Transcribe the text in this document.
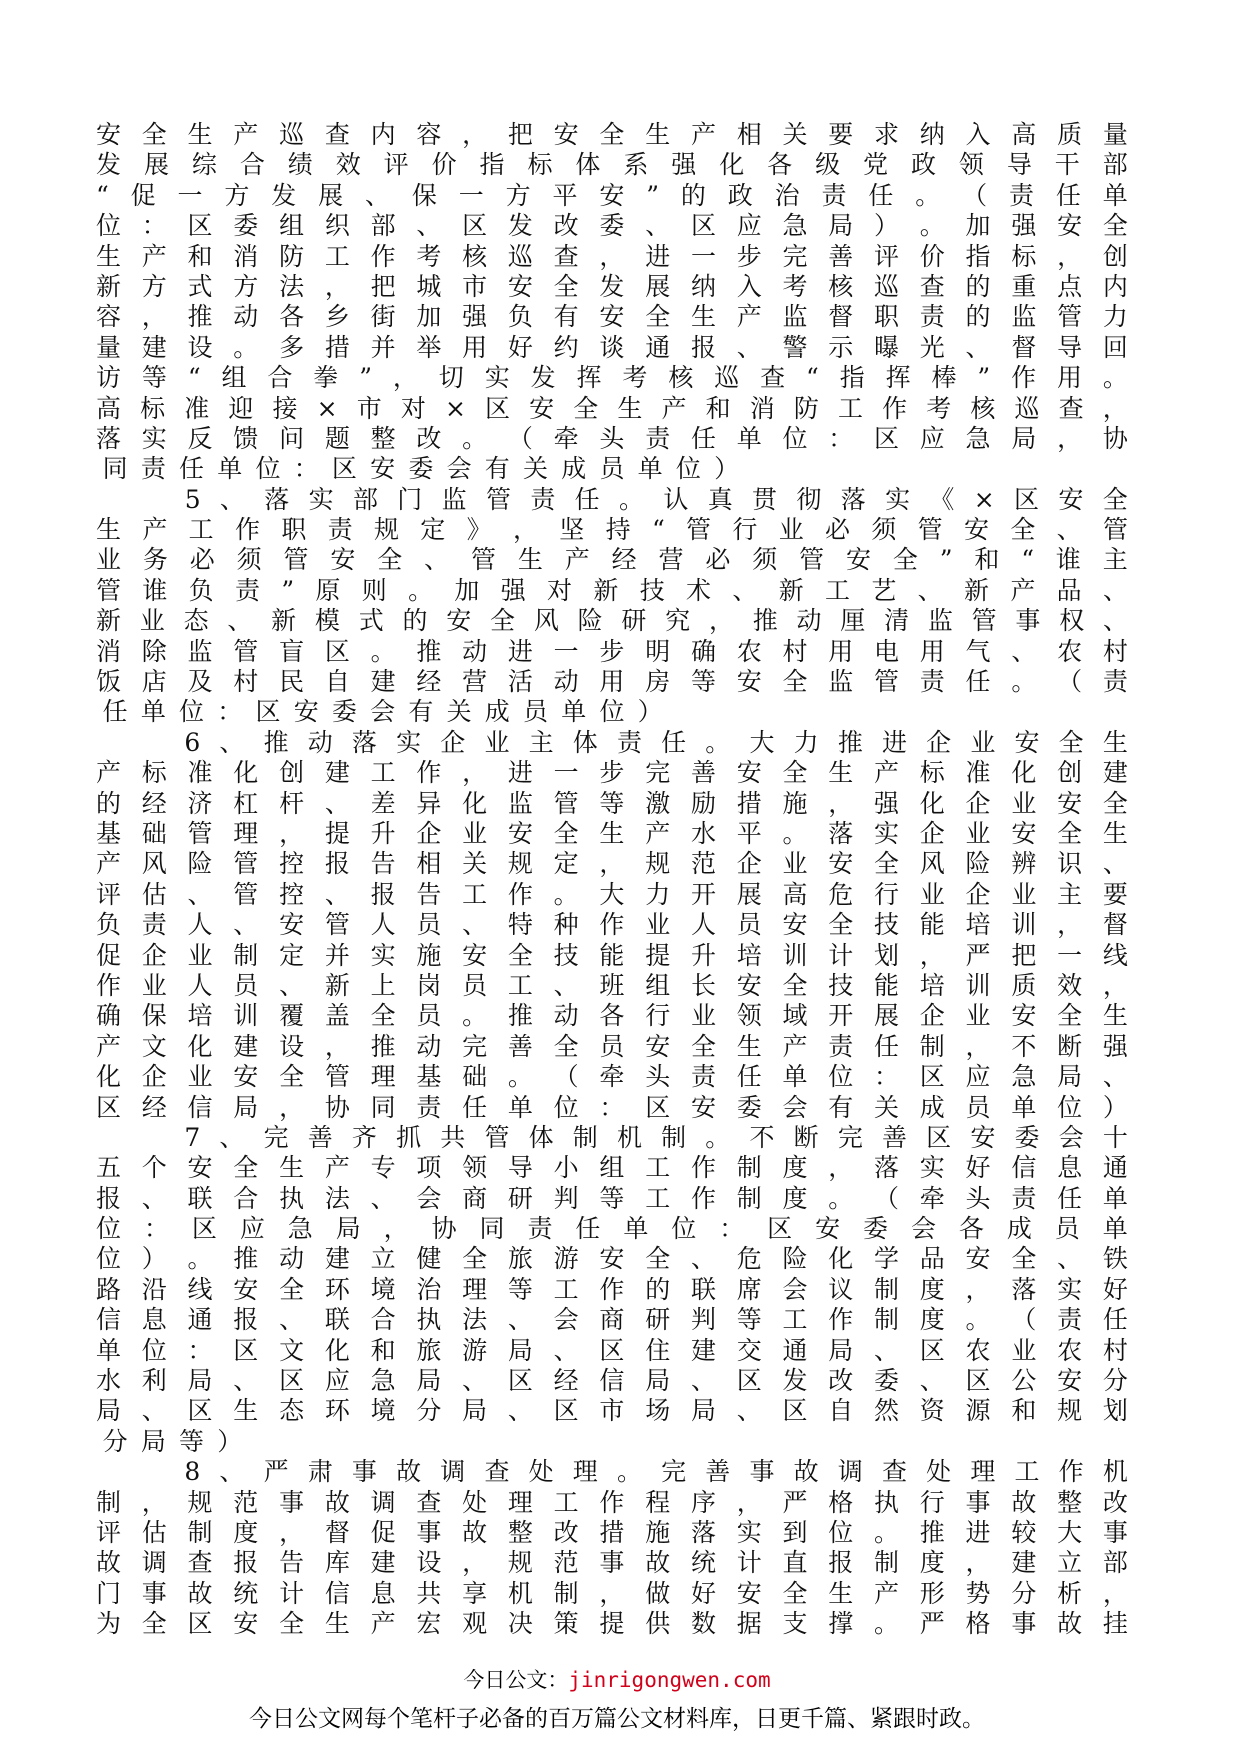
安 全 生 产 巡 查 内 容 ， 把 安 全 生 产 相 关 要 求 纳 入 高 质 量
发 展 综 合 绩 效 评 价 指 标 体 系 强 化 各 级 党 政 领 导 干 部
“ 促 一 方 发 展 、 保 一 方 平 安 ” 的 政 治 责 任 。 （ 责 任 单
位 ： 区 委 组 织 部 、 区 发 改 委 、 区 应 急 局 ） 。 加 强 安 全
生 产 和 消 防 工 作 考 核 巡 查 ， 进 一 步 完 善 评 价 指 标 ， 创
新 方 式 方 法 ， 把 城 市 安 全 发 展 纳 入 考 核 巡 查 的 重 点 内
容 ， 推 动 各 乡 街 加 强 负 有 安 全 生 产 监 督 职 责 的 监 管 力
量 建 设 。 多 措 并 举 用 好 约 谈 通 报 、 警 示 曝 光 、 督 导 回
访 等 “ 组 合 拳 ” ， 切 实 发 挥 考 核 巡 查 “ 指 挥 棒 ” 作 用 。
高 标 准 迎 接 × 市 对 × 区 安 全 生 产 和 消 防 工 作 考 核 巡 查 ，
落 实 反 馈 问 题 整 改 。 （ 牵 头 责 任 单 位 ： 区 应 急 局 ， 协
同 责 任 单 位 ： 区 安 委 会 有 关 成 员 单 位 ）

5 、 落 实 部 门 监 管 责 任 。 认 真 贯 彻 落 实 《 × 区 安 全
生 产 工 作 职 责 规 定 》 ， 坚 持 “ 管 行 业 必 须 管 安 全 、 管
业 务 必 须 管 安 全 、 管 生 产 经 营 必 须 管 安 全 ” 和 “ 谁 主
管 谁 负 责 ” 原 则 。 加 强 对 新 技 术 、 新 工 艺 、 新 产 品 、
新 业 态 、 新 模 式 的 安 全 风 险 研 究 ， 推 动 厘 清 监 管 事 权 、
消 除 监 管 盲 区 。 推 动 进 一 步 明 确 农 村 用 电 用 气 、 农 村
饭 店 及 村 民 自 建 经 营 活 动 用 房 等 安 全 监 管 责 任 。 （ 责
任 单 位 ： 区 安 委 会 有 关 成 员 单 位 ）

6 、 推 动 落 实 企 业 主 体 责 任 。 大 力 推 进 企 业 安 全 生
产 标 准 化 创 建 工 作 ， 进 一 步 完 善 安 全 生 产 标 准 化 创 建
的 经 济 杠 杆 、 差 异 化 监 管 等 激 励 措 施 ， 强 化 企 业 安 全
基 础 管 理 ， 提 升 企 业 安 全 生 产 水 平 。 落 实 企 业 安 全 生
产 风 险 管 控 报 告 相 关 规 定 ， 规 范 企 业 安 全 风 险 辨 识 、
评 估 、 管 控 、 报 告 工 作 。 大 力 开 展 高 危 行 业 企 业 主 要
负 责 人 、 安 管 人 员 、 特 种 作 业 人 员 安 全 技 能 培 训 ， 督
促 企 业 制 定 并 实 施 安 全 技 能 提 升 培 训 计 划 ， 严 把 一 线
作 业 人 员 、 新 上 岗 员 工 、 班 组 长 安 全 技 能 培 训 质 效 ，
确 保 培 训 覆 盖 全 员 。 推 动 各 行 业 领 域 开 展 企 业 安 全 生
产 文 化 建 设 ， 推 动 完 善 全 员 安 全 生 产 责 任 制 ， 不 断 强
化 企 业 安 全 管 理 基 础 。 （ 牵 头 责 任 单 位 ： 区 应 急 局 、
区 经 信 局 ， 协 同 责 任 单 位 ： 区 安 委 会 有 关 成 员 单 位 ）

7 、 完 善 齐 抓 共 管 体 制 机 制 。 不 断 完 善 区 安 委 会 十
五 个 安 全 生 产 专 项 领 导 小 组 工 作 制 度 ， 落 实 好 信 息 通
报 、 联 合 执 法 、 会 商 研 判 等 工 作 制 度 。 （ 牵 头 责 任 单
位 ： 区 应 急 局 ， 协 同 责 任 单 位 ： 区 安 委 会 各 成 员 单
位 ） 。 推 动 建 立 健 全 旅 游 安 全 、 危 险 化 学 品 安 全 、 铁
路 沿 线 安 全 环 境 治 理 等 工 作 的 联 席 会 议 制 度 ， 落 实 好
信 息 通 报 、 联 合 执 法 、 会 商 研 判 等 工 作 制 度 。 （ 责 任
单 位 ： 区 文 化 和 旅 游 局 、 区 住 建 交 通 局 、 区 农 业 农 村
水 利 局 、 区 应 急 局 、 区 经 信 局 、 区 发 改 委 、 区 公 安 分
局 、 区 生 态 环 境 分 局 、 区 市 场 局 、 区 自 然 资 源 和 规 划
分 局 等 ）

8 、 严 肃 事 故 调 查 处 理 。 完 善 事 故 调 查 处 理 工 作 机
制 ， 规 范 事 故 调 查 处 理 工 作 程 序 ， 严 格 执 行 事 故 整 改
评 估 制 度 ， 督 促 事 故 整 改 措 施 落 实 到 位 。 推 进 较 大 事
故 调 查 报 告 库 建 设 ， 规 范 事 故 统 计 直 报 制 度 ， 建 立 部
门 事 故 统 计 信 息 共 享 机 制 ， 做 好 安 全 生 产 形 势 分 析 ，
为 全 区 安 全 生 产 宏 观 决 策 提 供 数 据 支 撑 。 严 格 事 故 挂
今日公文：jinrigongwen.com
今日公文网每个笔杆子必备的百万篇公文材料库，日更千篇、紧跟时政。
